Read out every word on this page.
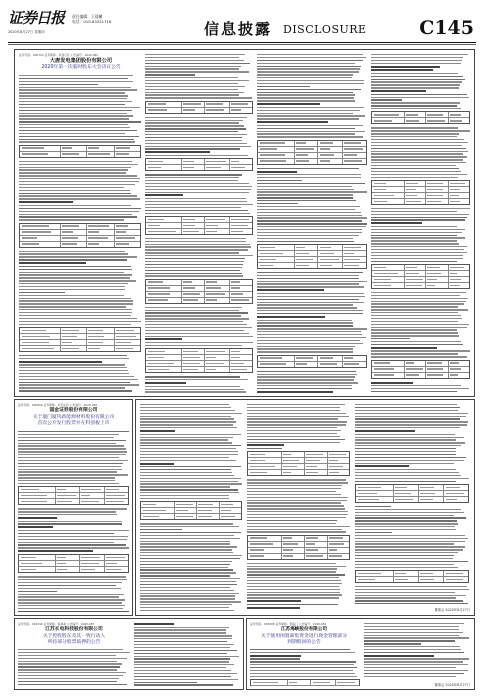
证券日报
2020年8月27日 星期四
责任编辑：王晨曦
电话：010-83251716	信息披露 DISCLOSURE	C145
证券代码：000703 证券简称：恒逸石化 公告编号：2020-082
大唐发电集团股份有限公司
2020年第一次临时股东大会决议公告
证券代码：600909 证券简称：华安证券 公告编号：2020-046
国金证券股份有限公司
关于厦门厦钨新能源材料股份有限公司
首次公开发行股票并在科创板上市
董事会 2020年8月27日
证券代码：002340 证券简称：格林美 公告编号：2020-087
江苏长电科技股份有限公司
关于控股股东及其一致行动人
所持部分股票质押的公告
证券代码：603008 证券简称：喜临门 公告编号：2020-052
江苏海峡股份有限公司
关于使用闲置募集资金进行现金管理部分
到期赎回的公告
董事会 2020年8月27日
